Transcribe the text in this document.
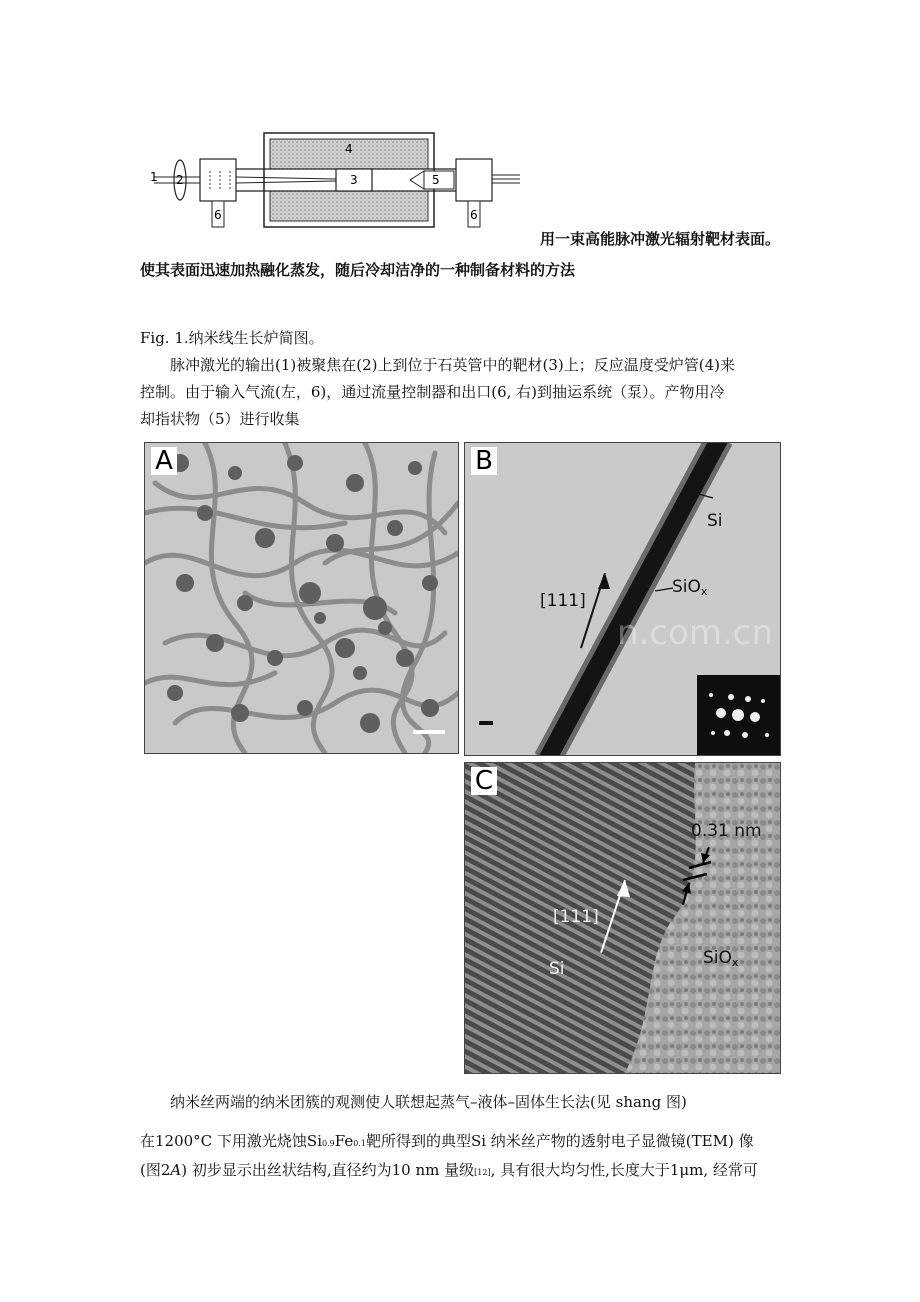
1 2	3
4
5
6	6
用一束高能脉冲激光辐射靶材表面。
使其表面迅速加热融化蒸发，随后冷却洁净的一种制备材料的方法
Fig. 1.纳米线生长炉简图。
脉冲激光的输出(1)被聚焦在(2)上到位于石英管中的靶材(3)上；反应温度受炉管(4)来
控制。由于输入气流(左，6)，通过流量控制器和出口(6, 右)到抽运系统（泵）。产物用冷
却指状物（5）进行收集
A	B
Si
SiO$_x$
[111]
n.com.cn
C
0.31 nm
[111]
Si
SiO$_x$
纳米丝两端的纳米团簇的观测使人联想起蒸气–液体–固体生长法(见 shang 图)
在1200°C 下用激光烧蚀Si0.9Fe0.1靶所得到的典型Si 纳米丝产物的透射电子显微镜(TEM) 像
(图2A) 初步显示出丝状结构,直径约为10 nm 量级[12], 具有很大均匀性,长度大于1μm, 经常可
